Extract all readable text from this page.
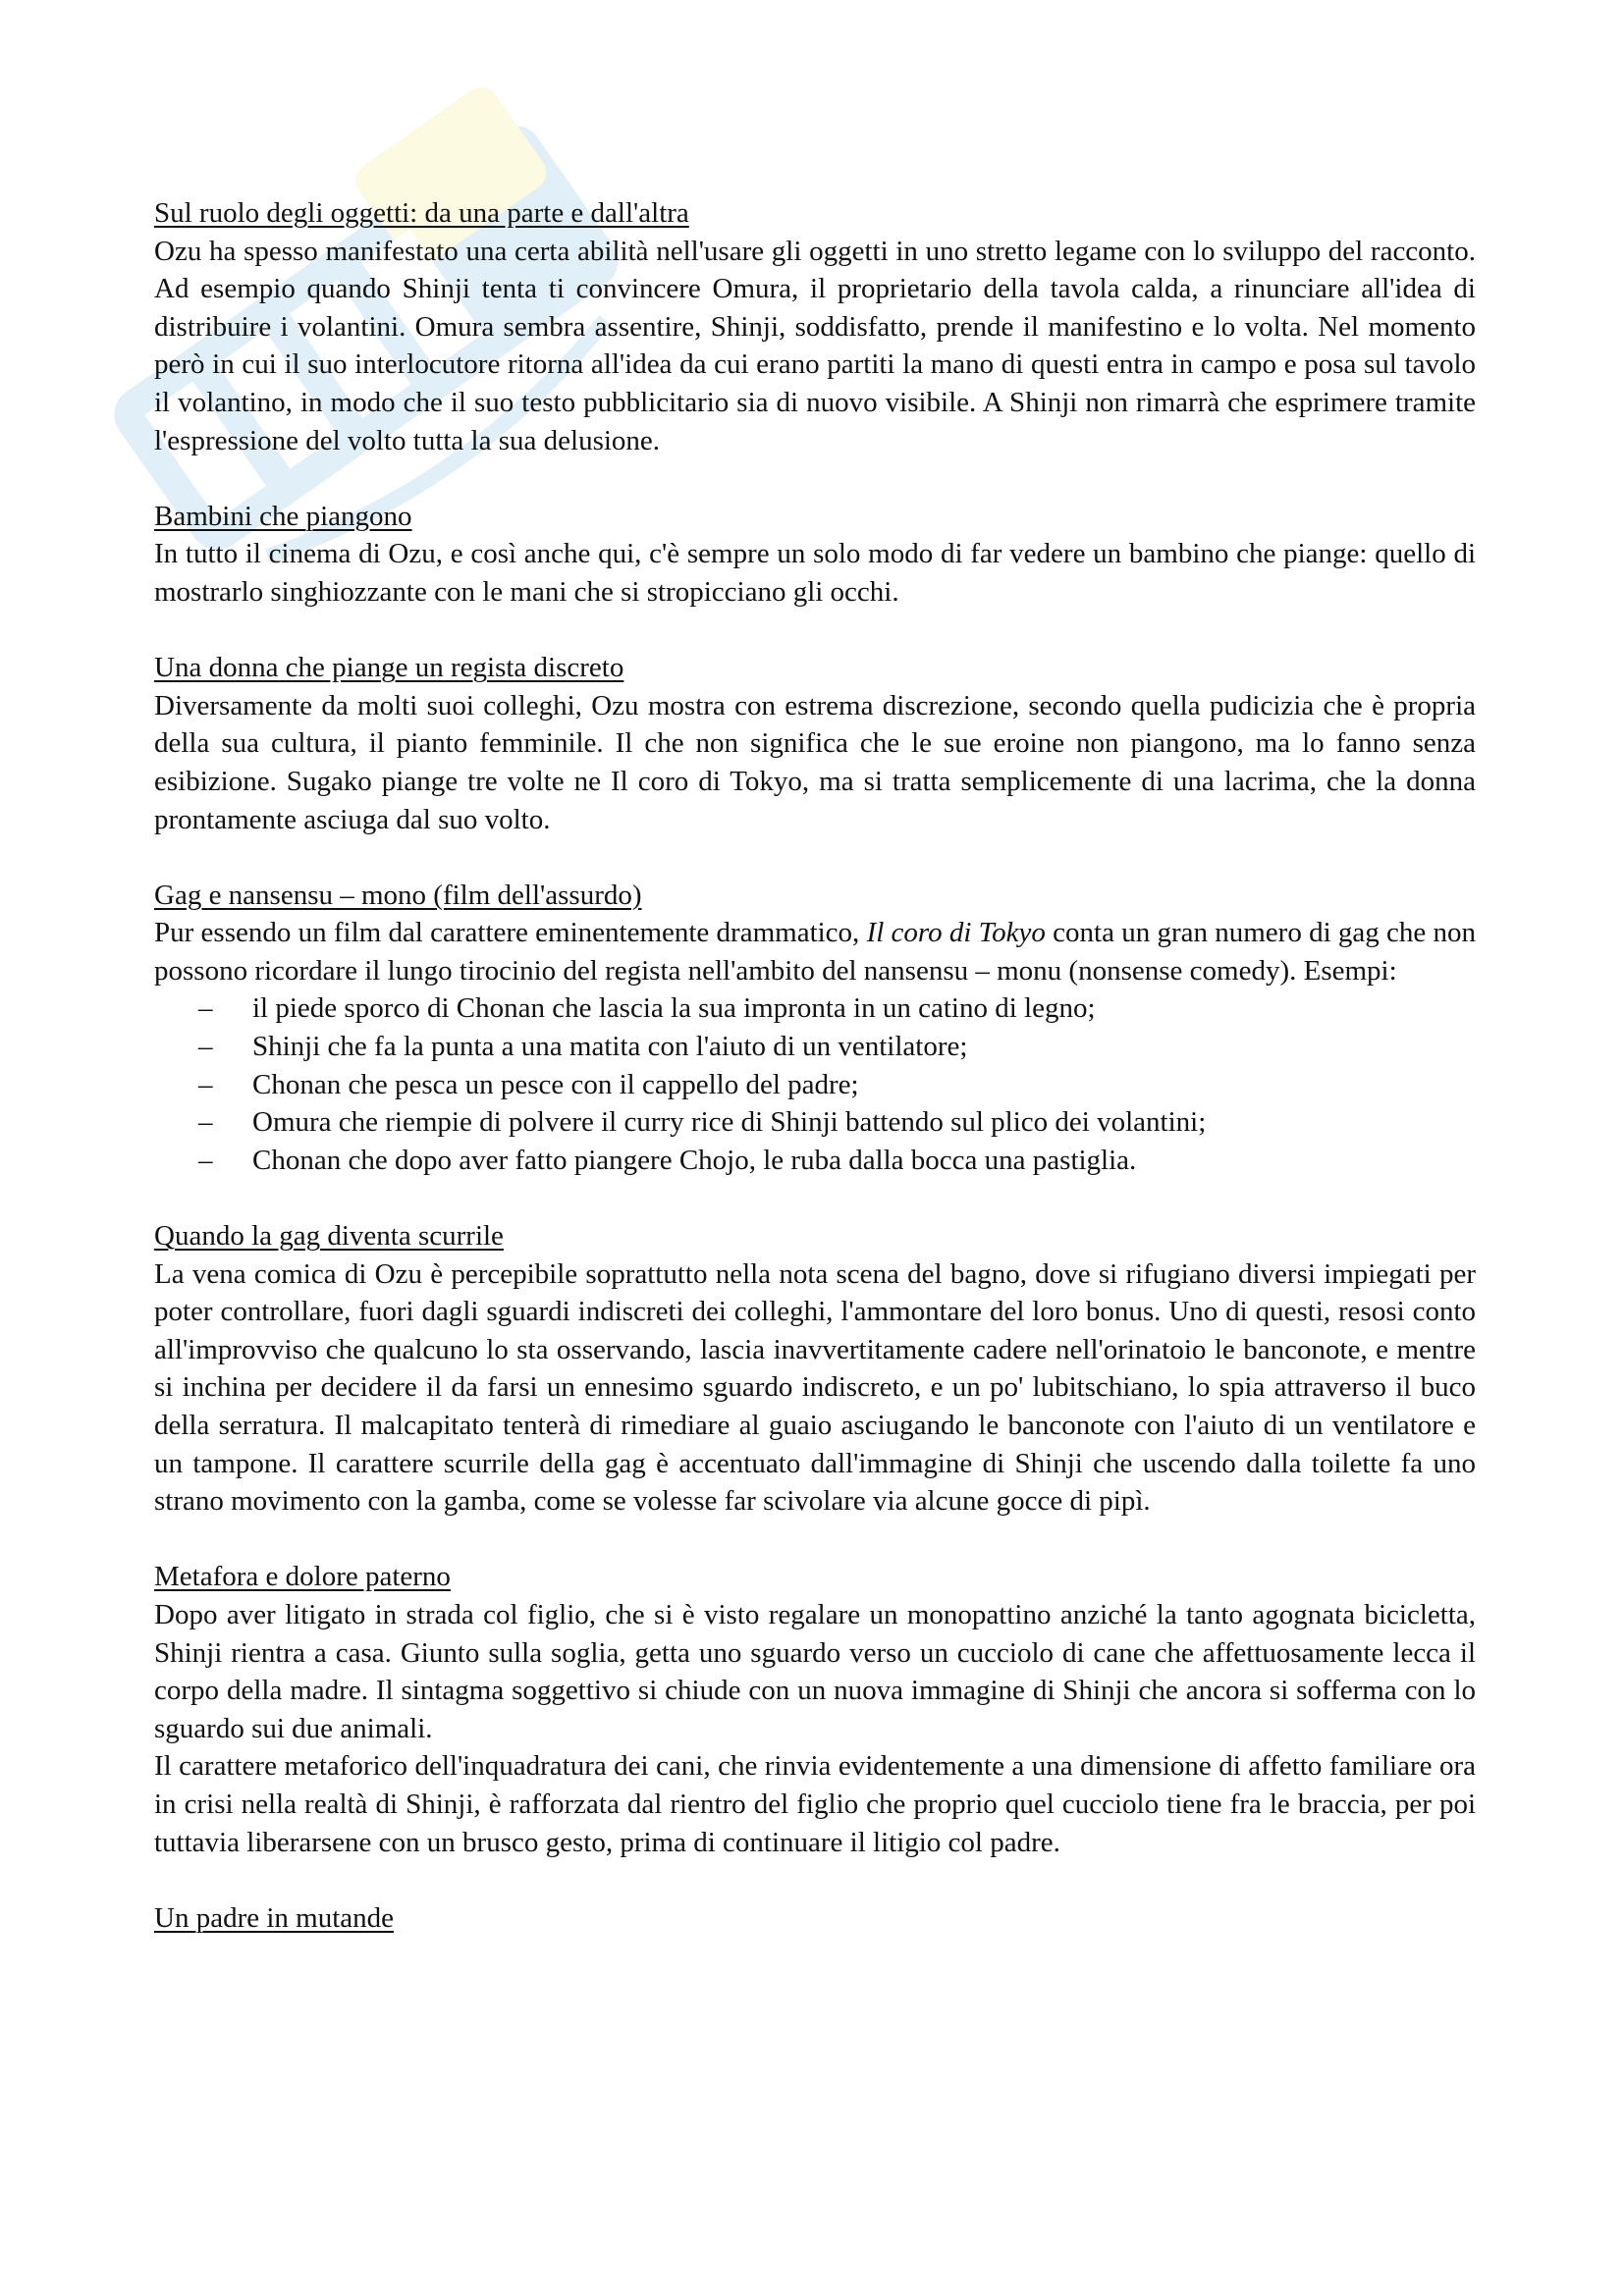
Sul ruolo degli oggetti: da una parte e dall'altra

Ozu ha spesso manifestato una certa abilità nell'usare gli oggetti in uno stretto legame con lo sviluppo del racconto. Ad esempio quando Shinji tenta ti convincere Omura, il proprietario della tavola calda, a rinunciare all'idea di distribuire i volantini. Omura sembra assentire, Shinji, soddisfatto, prende il manifestino e lo volta. Nel momento però in cui il suo interlocutore ritorna all'idea da cui erano partiti la mano di questi entra in campo e posa sul tavolo il volantino, in modo che il suo testo pubblicitario sia di nuovo visibile. A Shinji non rimarrà che esprimere tramite l'espressione del volto tutta la sua delusione.

Bambini che piangono

In tutto il cinema di Ozu, e così anche qui, c'è sempre un solo modo di far vedere un bambino che piange: quello di mostrarlo singhiozzante con le mani che si stropicciano gli occhi.

Una donna che piange un regista discreto

Diversamente da molti suoi colleghi, Ozu mostra con estrema discrezione, secondo quella pudicizia che è propria della sua cultura, il pianto femminile. Il che non significa che le sue eroine non piangono, ma lo fanno senza esibizione. Sugako piange tre volte ne Il coro di Tokyo, ma si tratta semplicemente di una lacrima, che la donna prontamente asciuga dal suo volto.

Gag e nansensu – mono (film dell'assurdo)

Pur essendo un film dal carattere eminentemente drammatico, Il coro di Tokyo conta un gran numero di gag che non possono ricordare il lungo tirocinio del regista nell'ambito del nansensu – monu (nonsense comedy). Esempi:

– il piede sporco di Chonan che lascia la sua impronta in un catino di legno;
– Shinji che fa la punta a una matita con l'aiuto di un ventilatore;
– Chonan che pesca un pesce con il cappello del padre;
– Omura che riempie di polvere il curry rice di Shinji battendo sul plico dei volantini;
– Chonan che dopo aver fatto piangere Chojo, le ruba dalla bocca una pastiglia.
Quando la gag diventa scurrile

La vena comica di Ozu è percepibile soprattutto nella nota scena del bagno, dove si rifugiano diversi impiegati per poter controllare, fuori dagli sguardi indiscreti dei colleghi, l'ammontare del loro bonus. Uno di questi, resosi conto all'improvviso che qualcuno lo sta osservando, lascia inavvertitamente cadere nell'orinatoio le banconote, e mentre si inchina per decidere il da farsi un ennesimo sguardo indiscreto, e un po' lubitschiano, lo spia attraverso il buco della serratura. Il malcapitato tenterà di rimediare al guaio asciugando le banconote con l'aiuto di un ventilatore e un tampone. Il carattere scurrile della gag è accentuato dall'immagine di Shinji che uscendo dalla toilette fa uno strano movimento con la gamba, come se volesse far scivolare via alcune gocce di pipì.

Metafora e dolore paterno

Dopo aver litigato in strada col figlio, che si è visto regalare un monopattino anziché la tanto agognata bicicletta, Shinji rientra a casa. Giunto sulla soglia, getta uno sguardo verso un cucciolo di cane che affettuosamente lecca il corpo della madre. Il sintagma soggettivo si chiude con un nuova immagine di Shinji che ancora si sofferma con lo sguardo sui due animali.

Il carattere metaforico dell'inquadratura dei cani, che rinvia evidentemente a una dimensione di affetto familiare ora in crisi nella realtà di Shinji, è rafforzata dal rientro del figlio che proprio quel cucciolo tiene fra le braccia, per poi tuttavia liberarsene con un brusco gesto, prima di continuare il litigio col padre.

Un padre in mutande
